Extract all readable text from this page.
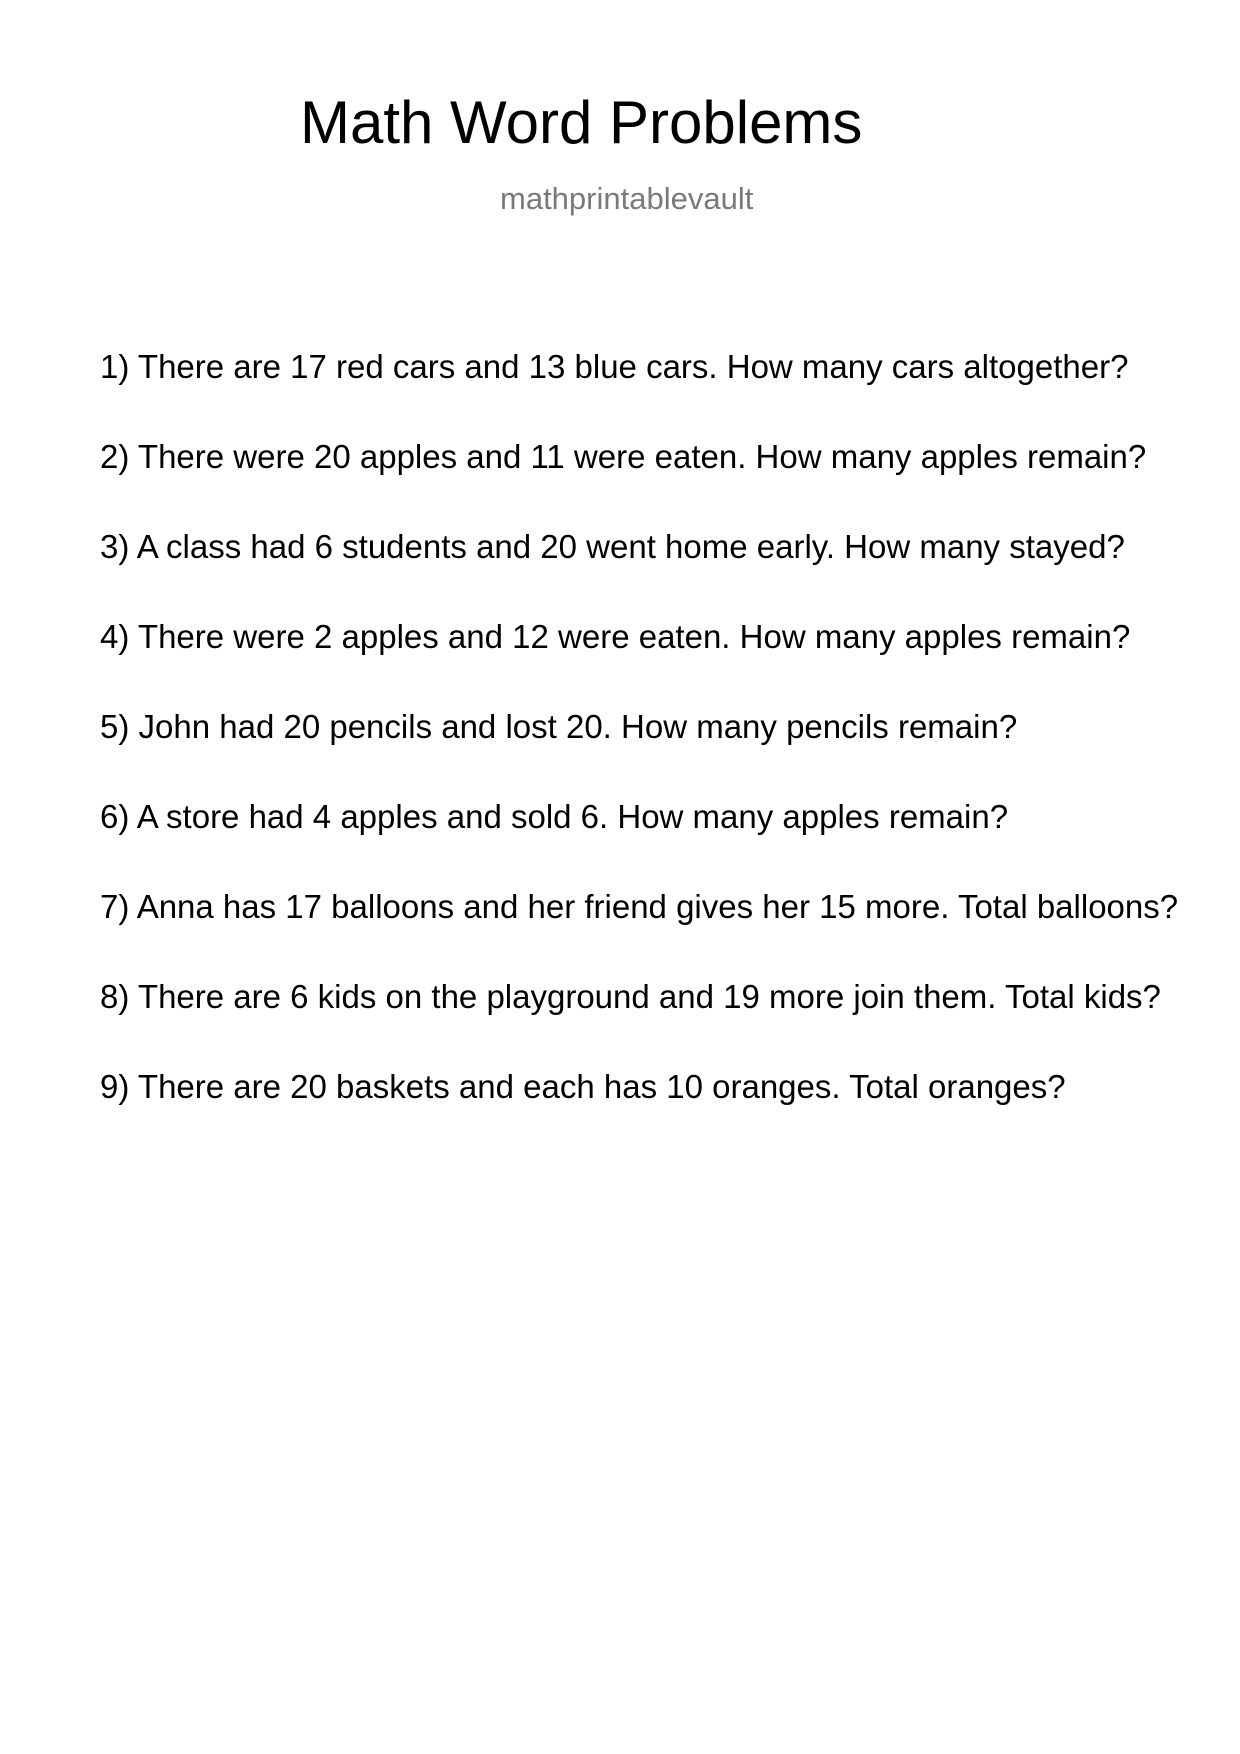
Math Word Problems
mathprintablevault
1) There are 17 red cars and 13 blue cars. How many cars altogether?
2) There were 20 apples and 11 were eaten. How many apples remain?
3) A class had 6 students and 20 went home early. How many stayed?
4) There were 2 apples and 12 were eaten. How many apples remain?
5) John had 20 pencils and lost 20. How many pencils remain?
6) A store had 4 apples and sold 6. How many apples remain?
7) Anna has 17 balloons and her friend gives her 15 more. Total balloons?
8) There are 6 kids on the playground and 19 more join them. Total kids?
9) There are 20 baskets and each has 10 oranges. Total oranges?
